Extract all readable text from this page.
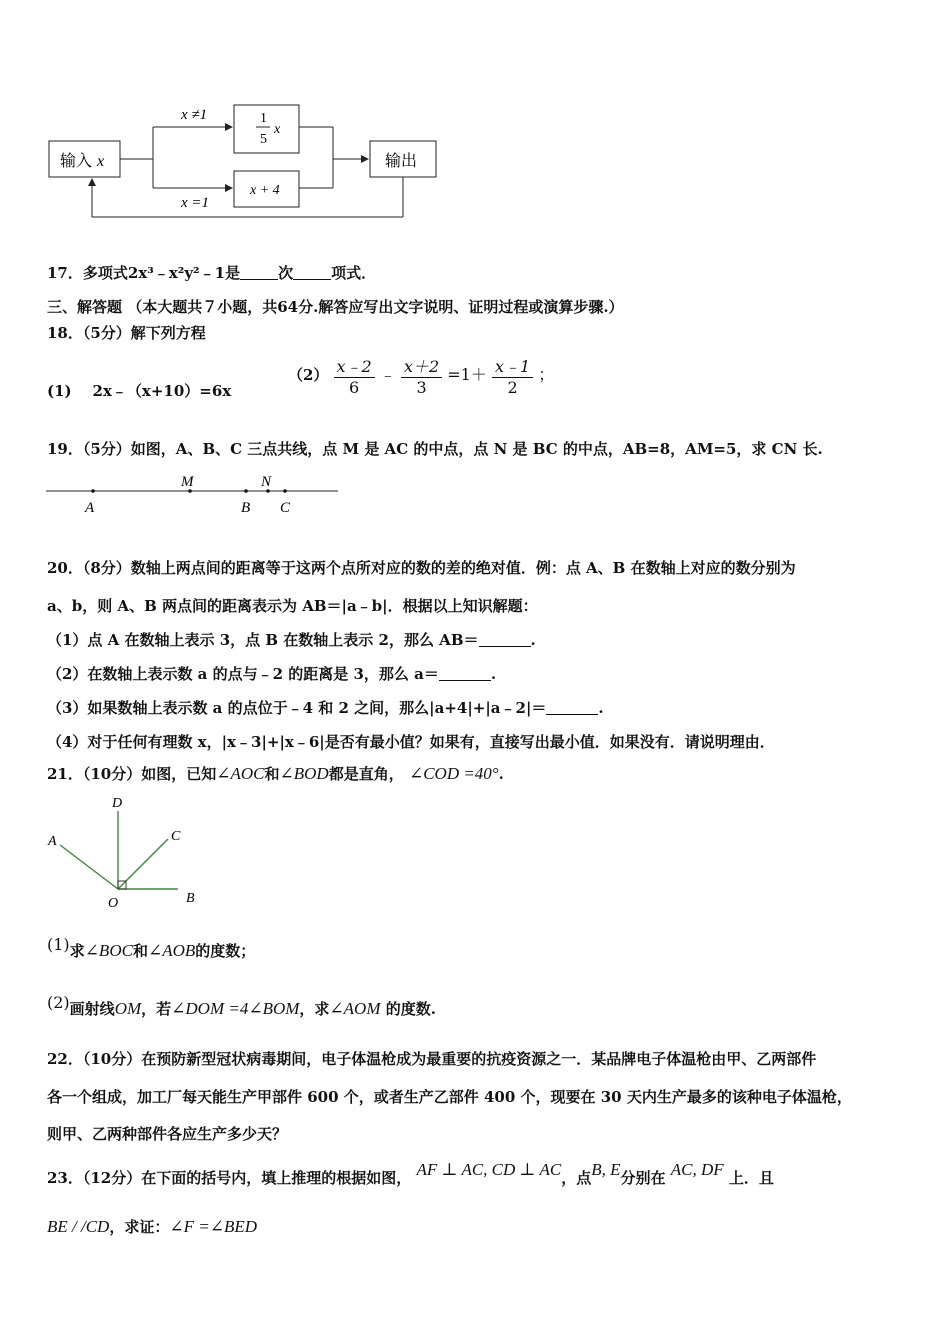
输入 x
x ≠1
x =1
1
5
x
x + 4
输出
17．多项式2x³﹣x²y²﹣1是	次	项式．
三、解答题 （本大题共７小题，共64分.解答应写出文字说明、证明过程或演算步骤.）
18．（5分）解下列方程
(1) 2x﹣（x+10）=6x
$(2) \frac{x﹣2}{6}$ ﹣ $\frac{x+2}{3} =1+ \frac{x﹣1}{2}$ ；
19．（5分）如图，A、B、C 三点共线，点 M 是 AC 的中点，点 N 是 BC 的中点，AB=8，AM=5，求 CN 长.
A
M
B
N
C
20．（8分）数轴上两点间的距离等于这两个点所对应的数的差的绝对值．例：点 A、B 在数轴上对应的数分别为
a、b，则 A、B 两点间的距离表示为 AB＝|a﹣b|．根据以上知识解题：
（1）点 A 在数轴上表示 3，点 B 在数轴上表示 2，那么 AB＝	.
（2）在数轴上表示数 a 的点与﹣2 的距离是 3，那么 a＝	.
（3）如果数轴上表示数 a 的点位于﹣4 和 2 之间，那么|a+4|+|a﹣2|＝	.
（4）对于任何有理数 x，|x﹣3|+|x﹣6|是否有最小值？如果有，直接写出最小值．如果没有．请说明理由．
21．（10分）如图，已知∠AOC和∠BOD都是直角， ∠COD =40°.
D
A	C
O	B
(1)求∠BOC和∠AOB的度数；
(2)画射线OM，若∠DOM =4∠BOM，求∠AOM 的度数.
22．（10分）在预防新型冠状病毒期间，电子体温枪成为最重要的抗疫资源之一．某品牌电子体温枪由甲、乙两部件
各一个组成，加工厂每天能生产甲部件 600 个，或者生产乙部件 400 个，现要在 30 天内生产最多的该种电子体温枪，
则甲、乙两种部件各应生产多少天？
23．（12分）在下面的括号内，填上推理的根据如图， AF ⊥ AC, CD ⊥ AC，点B, E分别在 AC, DF 上．且
BE / /CD，求证：∠F =∠BED
